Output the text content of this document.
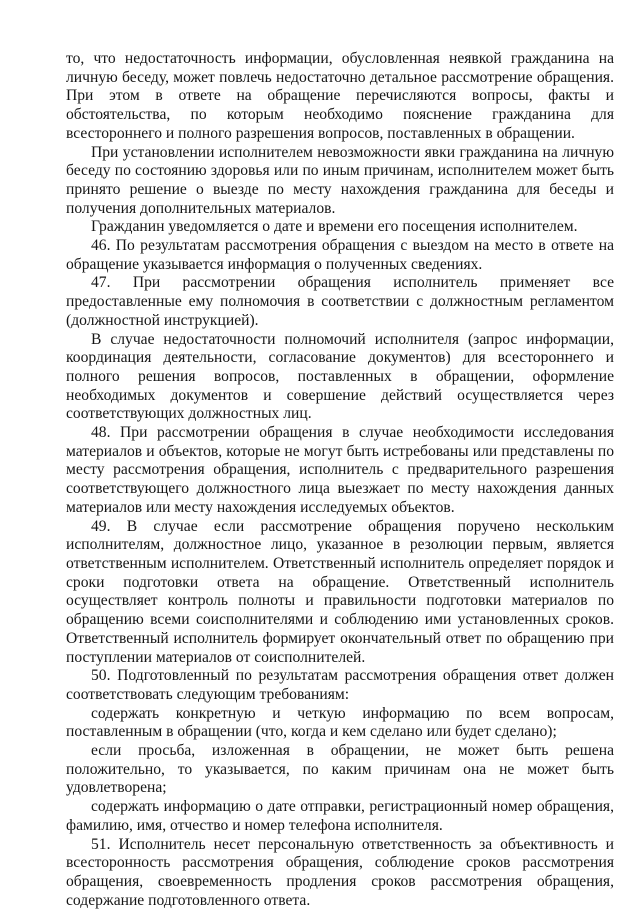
то, что недостаточность информации, обусловленная неявкой гражданина на личную беседу, может повлечь недостаточно детальное рассмотрение обращения. При этом в ответе на обращение перечисляются вопросы, факты и обстоятельства, по которым необходимо пояснение гражданина для всестороннего и полного разрешения вопросов, поставленных в обращении.

При установлении исполнителем невозможности явки гражданина на личную беседу по состоянию здоровья или по иным причинам, исполнителем может быть принято решение о выезде по месту нахождения гражданина для беседы и получения дополнительных материалов.

Гражданин уведомляется о дате и времени его посещения исполнителем.

46. По результатам рассмотрения обращения с выездом на место в ответе на обращение указывается информация о полученных сведениях.

47. При рассмотрении обращения исполнитель применяет все предоставленные ему полномочия в соответствии с должностным регламентом (должностной инструкцией).

В случае недостаточности полномочий исполнителя (запрос информации, координация деятельности, согласование документов) для всестороннего и полного решения вопросов, поставленных в обращении, оформление необходимых документов и совершение действий осуществляется через соответствующих должностных лиц.

48. При рассмотрении обращения в случае необходимости исследования материалов и объектов, которые не могут быть истребованы или представлены по месту рассмотрения обращения, исполнитель с предварительного разрешения соответствующего должностного лица выезжает по месту нахождения данных материалов или месту нахождения исследуемых объектов.

49. В случае если рассмотрение обращения поручено нескольким исполнителям, должностное лицо, указанное в резолюции первым, является ответственным исполнителем. Ответственный исполнитель определяет порядок и сроки подготовки ответа на обращение. Ответственный исполнитель осуществляет контроль полноты и правильности подготовки материалов по обращению всеми соисполнителями и соблюдению ими установленных сроков. Ответственный исполнитель формирует окончательный ответ по обращению при поступлении материалов от соисполнителей.

50. Подготовленный по результатам рассмотрения обращения ответ должен соответствовать следующим требованиям:

содержать конкретную и четкую информацию по всем вопросам, поставленным в обращении (что, когда и кем сделано или будет сделано);

если просьба, изложенная в обращении, не может быть решена положительно, то указывается, по каким причинам она не может быть удовлетворена;

содержать информацию о дате отправки, регистрационный номер обращения, фамилию, имя, отчество и номер телефона исполнителя.

51. Исполнитель несет персональную ответственность за объективность и всесторонность рассмотрения обращения, соблюдение сроков рассмотрения обращения, своевременность продления сроков рассмотрения обращения, содержание подготовленного ответа.
